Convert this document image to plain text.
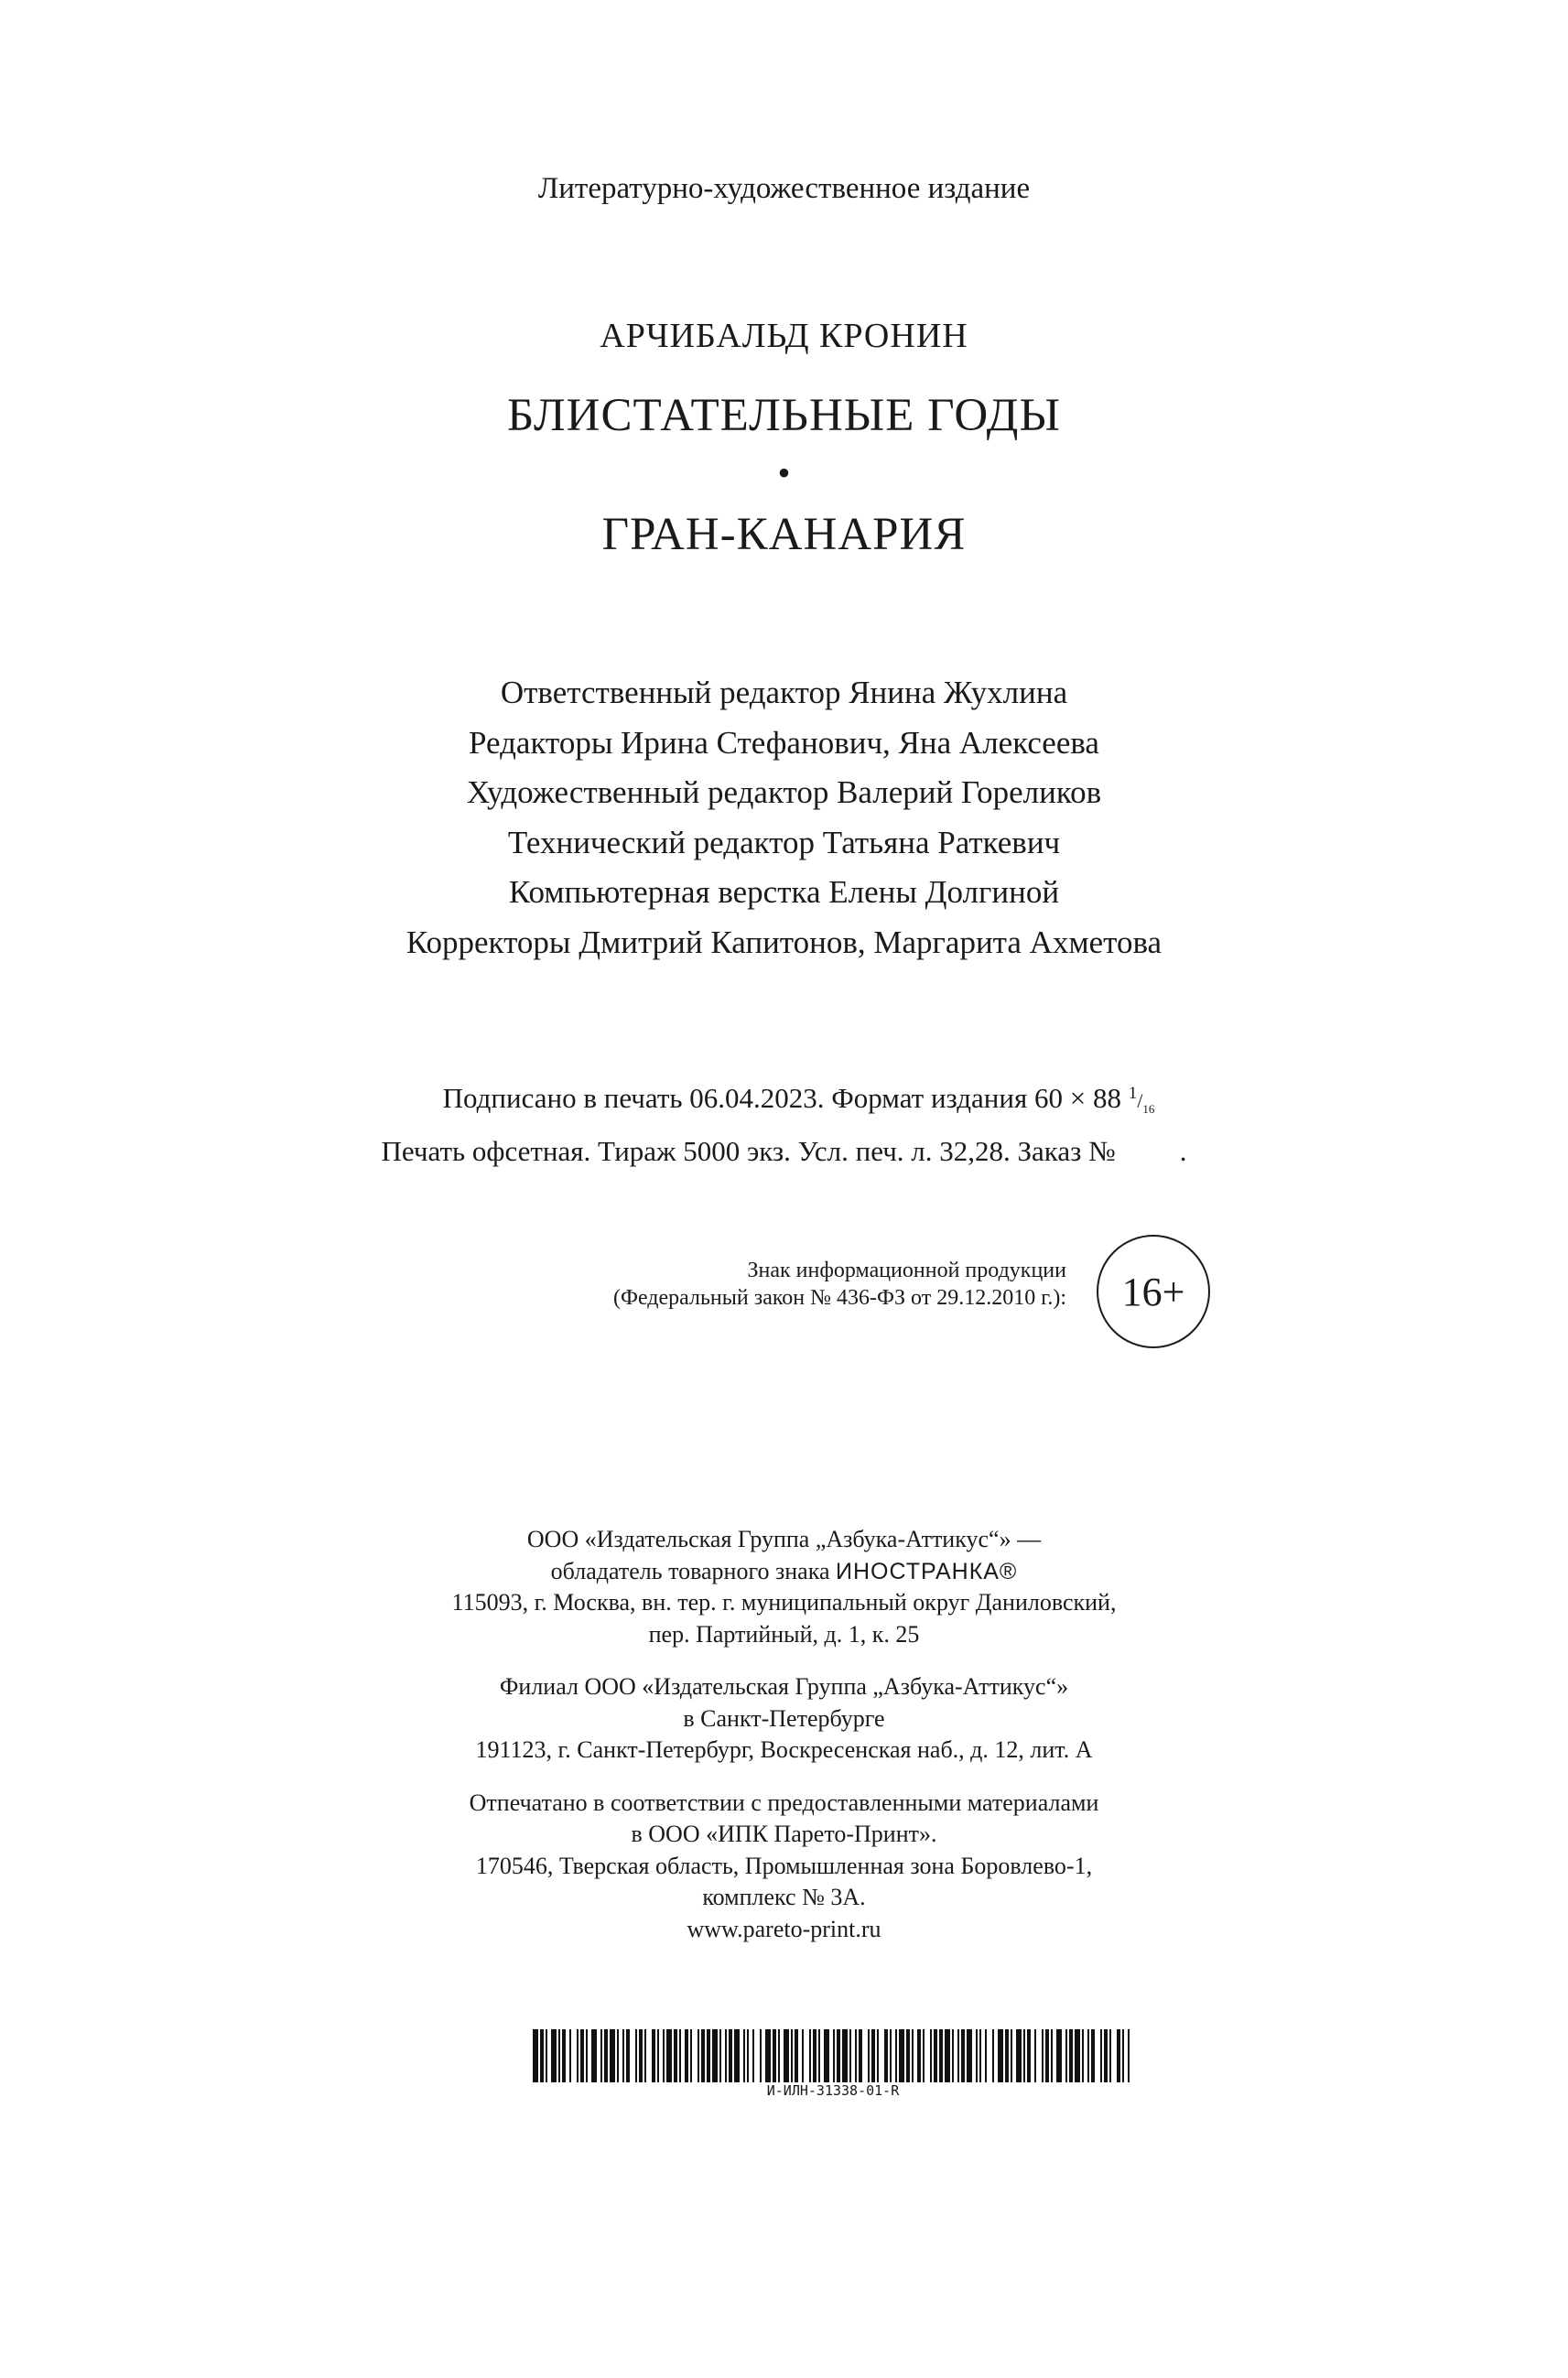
Литературно-художественное издание
АРЧИБАЛЬД КРОНИН
БЛИСТАТЕЛЬНЫЕ ГОДЫ
•
ГРАН-КАНАРИЯ
Ответственный редактор Янина Жухлина
Редакторы Ирина Стефанович, Яна Алексеева
Художественный редактор Валерий Гореликов
Технический редактор Татьяна Раткевич
Компьютерная верстка Елены Долгиной
Корректоры Дмитрий Капитонов, Маргарита Ахметова
Подписано в печать 06.04.2023. Формат издания 60 × 88 $^1$/16
Печать офсетная. Тираж 5000 экз. Усл. печ. л. 32,28. Заказ № .
Знак информационной продукции
(Федеральный закон № 436-ФЗ от 29.12.2010 г.):	16+
ООО «Издательская Группа „Азбука-Аттикус“» —
обладатель товарного знака ИНОСТРАНКА®
115093, г. Москва, вн. тер. г. муниципальный округ Даниловский,
пер. Партийный, д. 1, к. 25
Филиал ООО «Издательская Группа „Азбука-Аттикус“»
в Санкт-Петербурге
191123, г. Санкт-Петербург, Воскресенская наб., д. 12, лит. А
Отпечатано в соответствии с предоставленными материалами
в ООО «ИПК Парето-Принт».
170546, Тверская область, Промышленная зона Боровлево-1,
комплекс № 3А.
www.pareto-print.ru
И-ИЛН-31338-01-R
